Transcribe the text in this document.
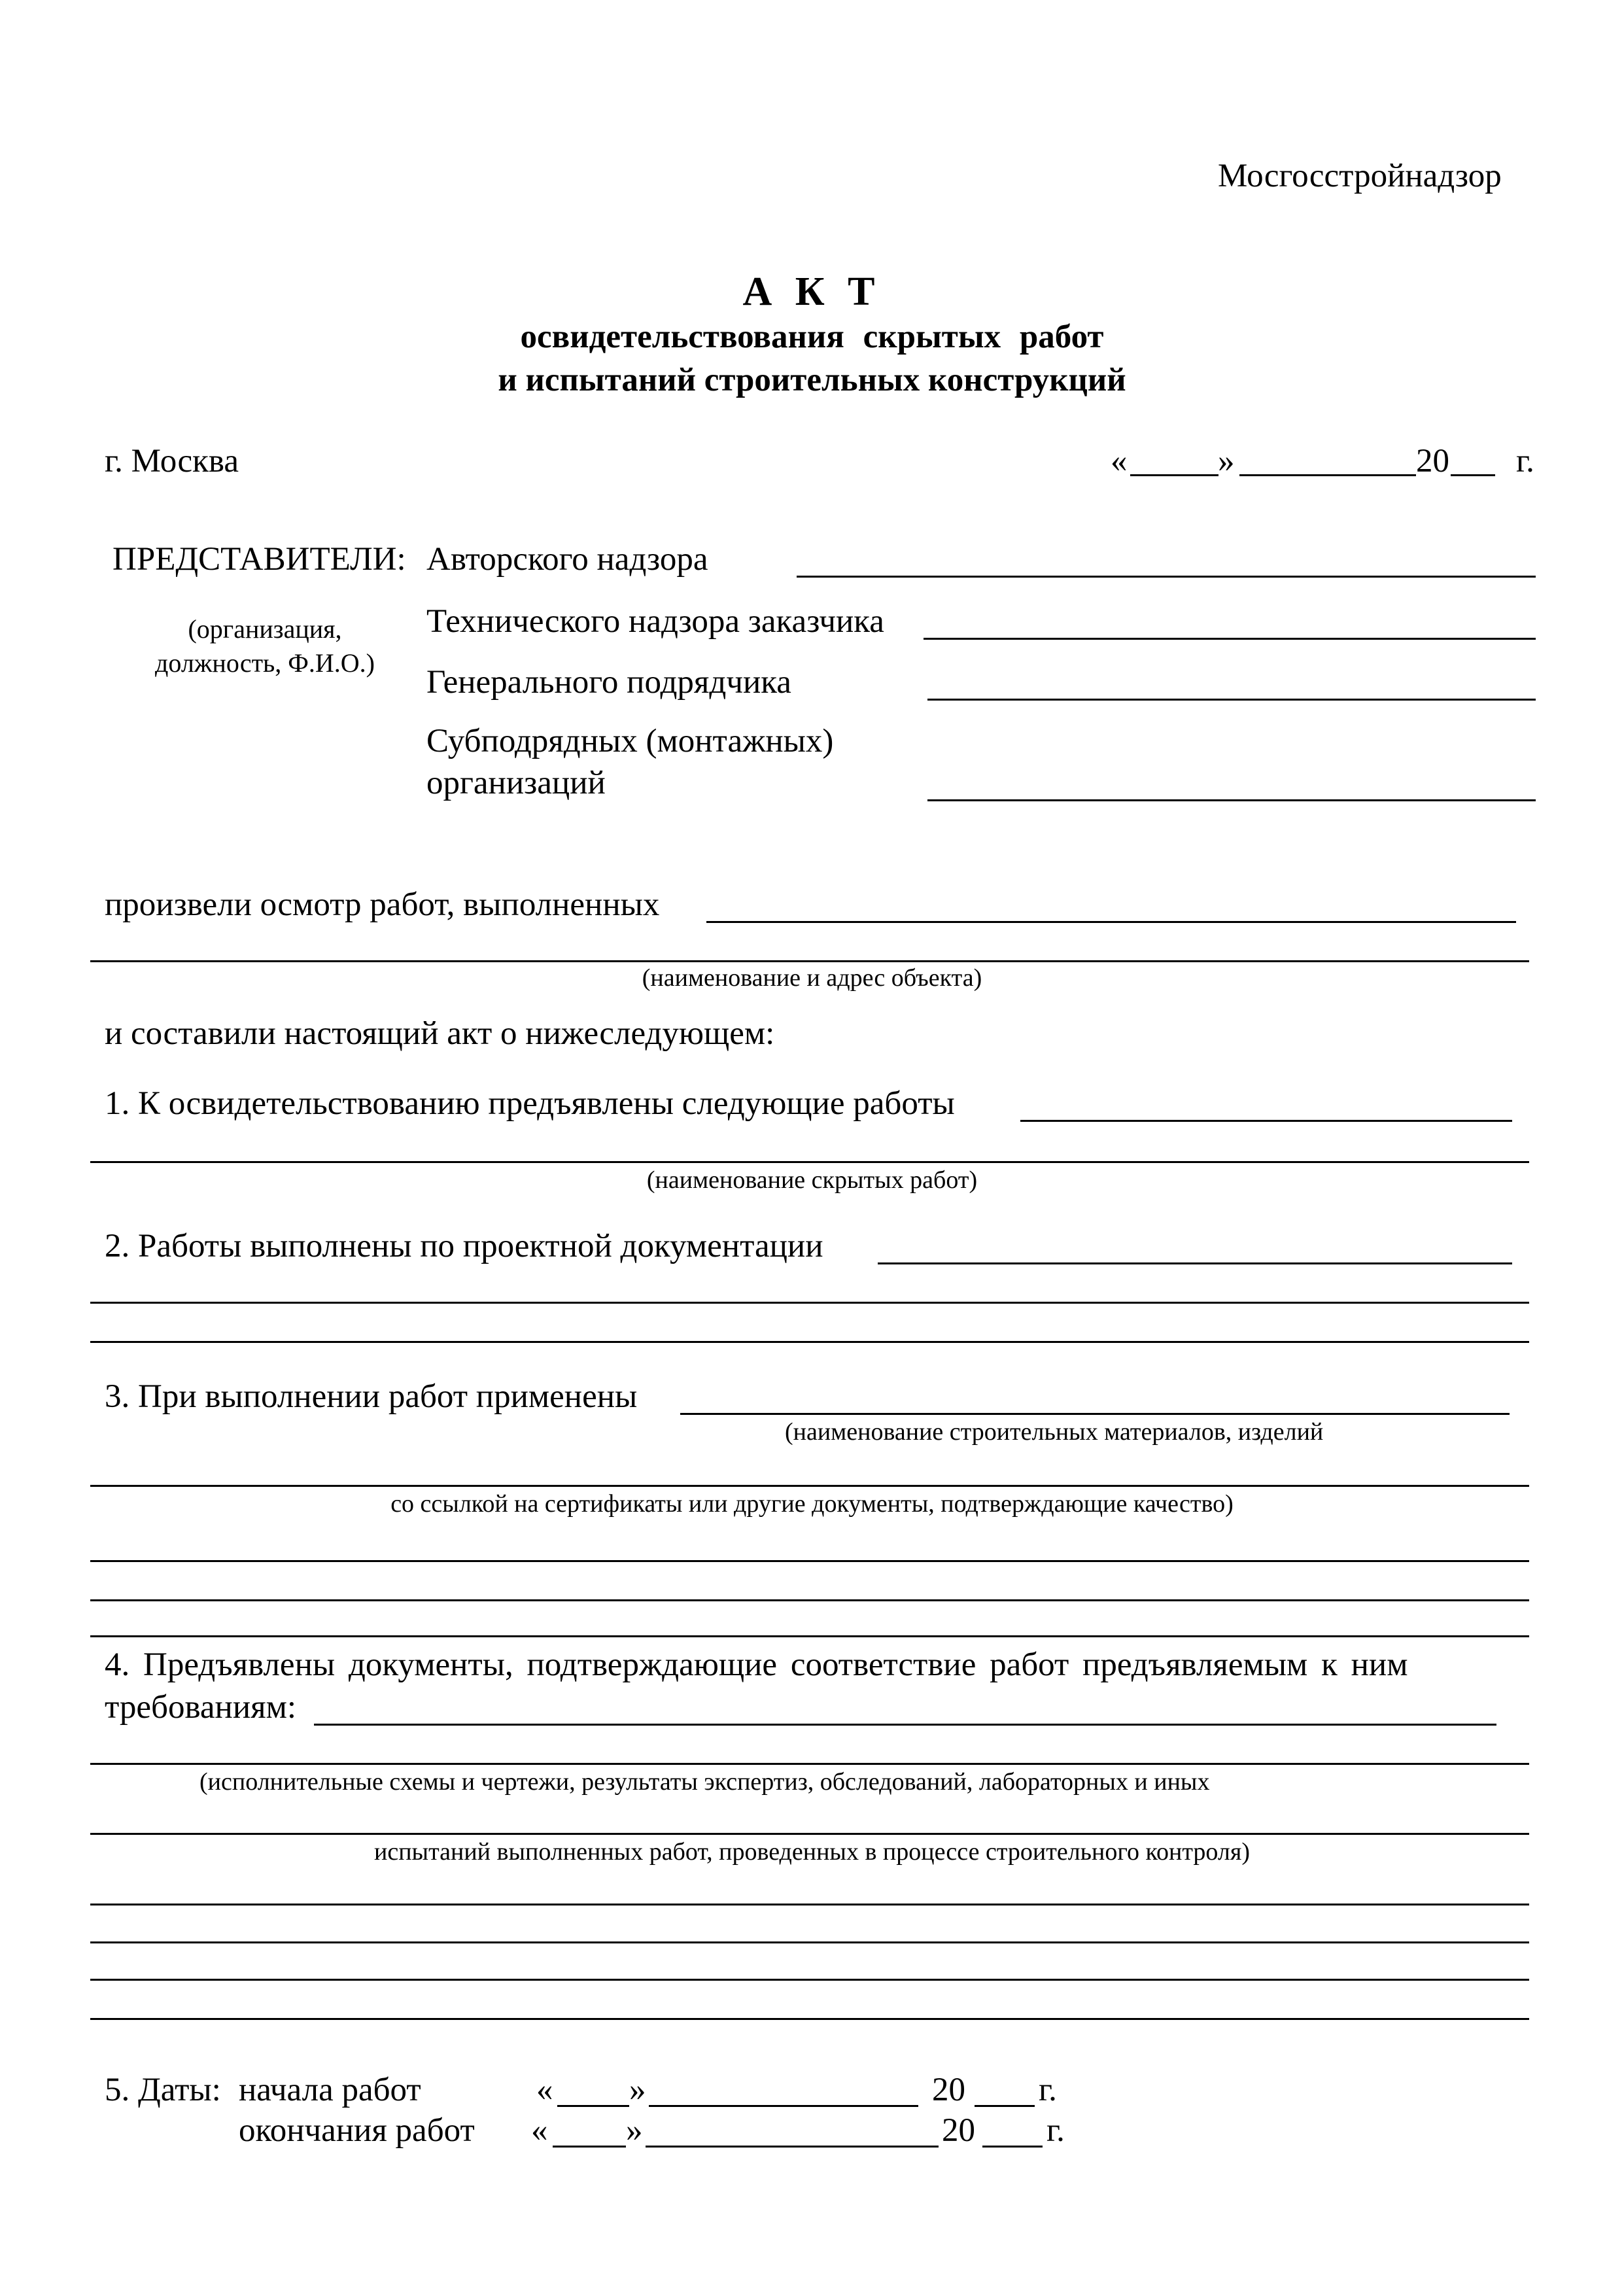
Мосгосстройнадзор
А К Т
освидетельствования скрытых работ
и испытаний строительных конструкций
г. Москва	«	»	20 г.
ПРЕДСТАВИТЕЛИ:
(организация,
должность, Ф.И.О.)
Авторского надзора
Технического надзора заказчика
Генерального подрядчика
Субподрядных (монтажных)
организаций
произвели осмотр работ, выполненных
(наименование и адрес объекта)
и составили настоящий акт о нижеследующем:
1. К освидетельствованию предъявлены следующие работы
(наименование скрытых работ)
2. Работы выполнены по проектной документации
3. При выполнении работ применены
(наименование строительных материалов, изделий
со ссылкой на сертификаты или другие документы, подтверждающие качество)
4. Предъявлены документы, подтверждающие соответствие работ предъявляемым к ним
требованиям:
(исполнительные схемы и чертежи, результаты экспертиз, обследований, лабораторных и иных
испытаний выполненных работ, проведенных в процессе строительного контроля)
5. Даты: начала работ	« »	20 г.
окончания работ « »	20 г.
